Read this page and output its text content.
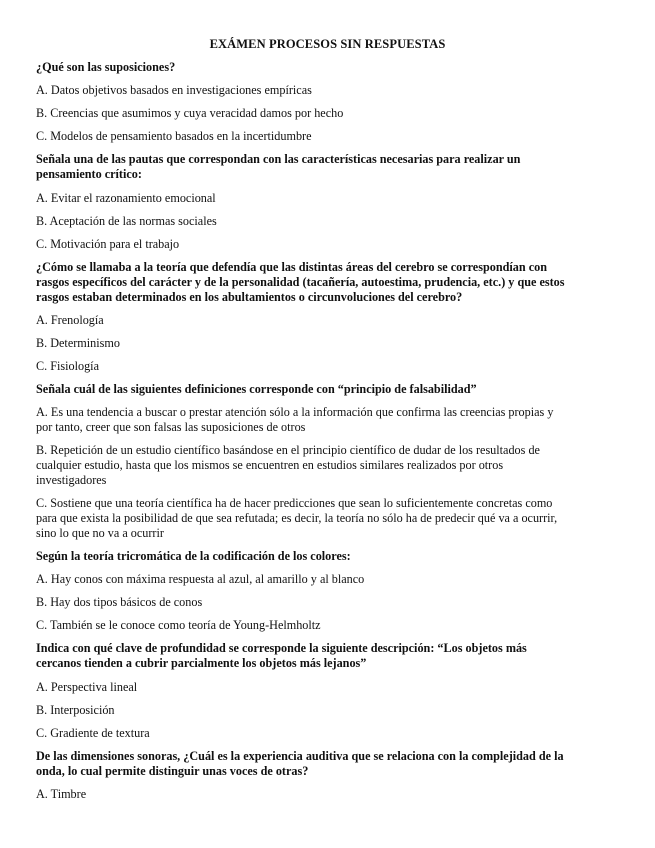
EXÁMEN PROCESOS SIN RESPUESTAS
¿Qué son las suposiciones?
A. Datos objetivos basados en investigaciones empíricas
B. Creencias que asumimos y cuya veracidad damos por hecho
C. Modelos de pensamiento basados en la incertidumbre
Señala una de las pautas que correspondan con las características necesarias para realizar un
pensamiento crítico:
A. Evitar el razonamiento emocional
B. Aceptación de las normas sociales
C. Motivación para el trabajo
¿Cómo se llamaba a la teoría que defendía que las distintas áreas del cerebro se correspondían con
rasgos específicos del carácter y de la personalidad (tacañería, autoestima, prudencia, etc.) y que estos
rasgos estaban determinados en los abultamientos o circunvoluciones del cerebro?
A. Frenología
B. Determinismo
C. Fisiología
Señala cuál de las siguientes definiciones corresponde con “principio de falsabilidad”
A. Es una tendencia a buscar o prestar atención sólo a la información que confirma las creencias propias y
por tanto, creer que son falsas las suposiciones de otros
B. Repetición de un estudio científico basándose en el principio científico de dudar de los resultados de
cualquier estudio, hasta que los mismos se encuentren en estudios similares realizados por otros
investigadores
C. Sostiene que una teoría científica ha de hacer predicciones que sean lo suficientemente concretas como
para que exista la posibilidad de que sea refutada; es decir, la teoría no sólo ha de predecir qué va a ocurrir,
sino lo que no va a ocurrir
Según la teoría tricromática de la codificación de los colores:
A. Hay conos con máxima respuesta al azul, al amarillo y al blanco
B. Hay dos tipos básicos de conos
C. También se le conoce como teoría de Young-Helmholtz
Indica con qué clave de profundidad se corresponde la siguiente descripción: “Los objetos más
cercanos tienden a cubrir parcialmente los objetos más lejanos”
A. Perspectiva lineal
B. Interposición
C. Gradiente de textura
De las dimensiones sonoras, ¿Cuál es la experiencia auditiva que se relaciona con la complejidad de la
onda, lo cual permite distinguir unas voces de otras?
A. Timbre
